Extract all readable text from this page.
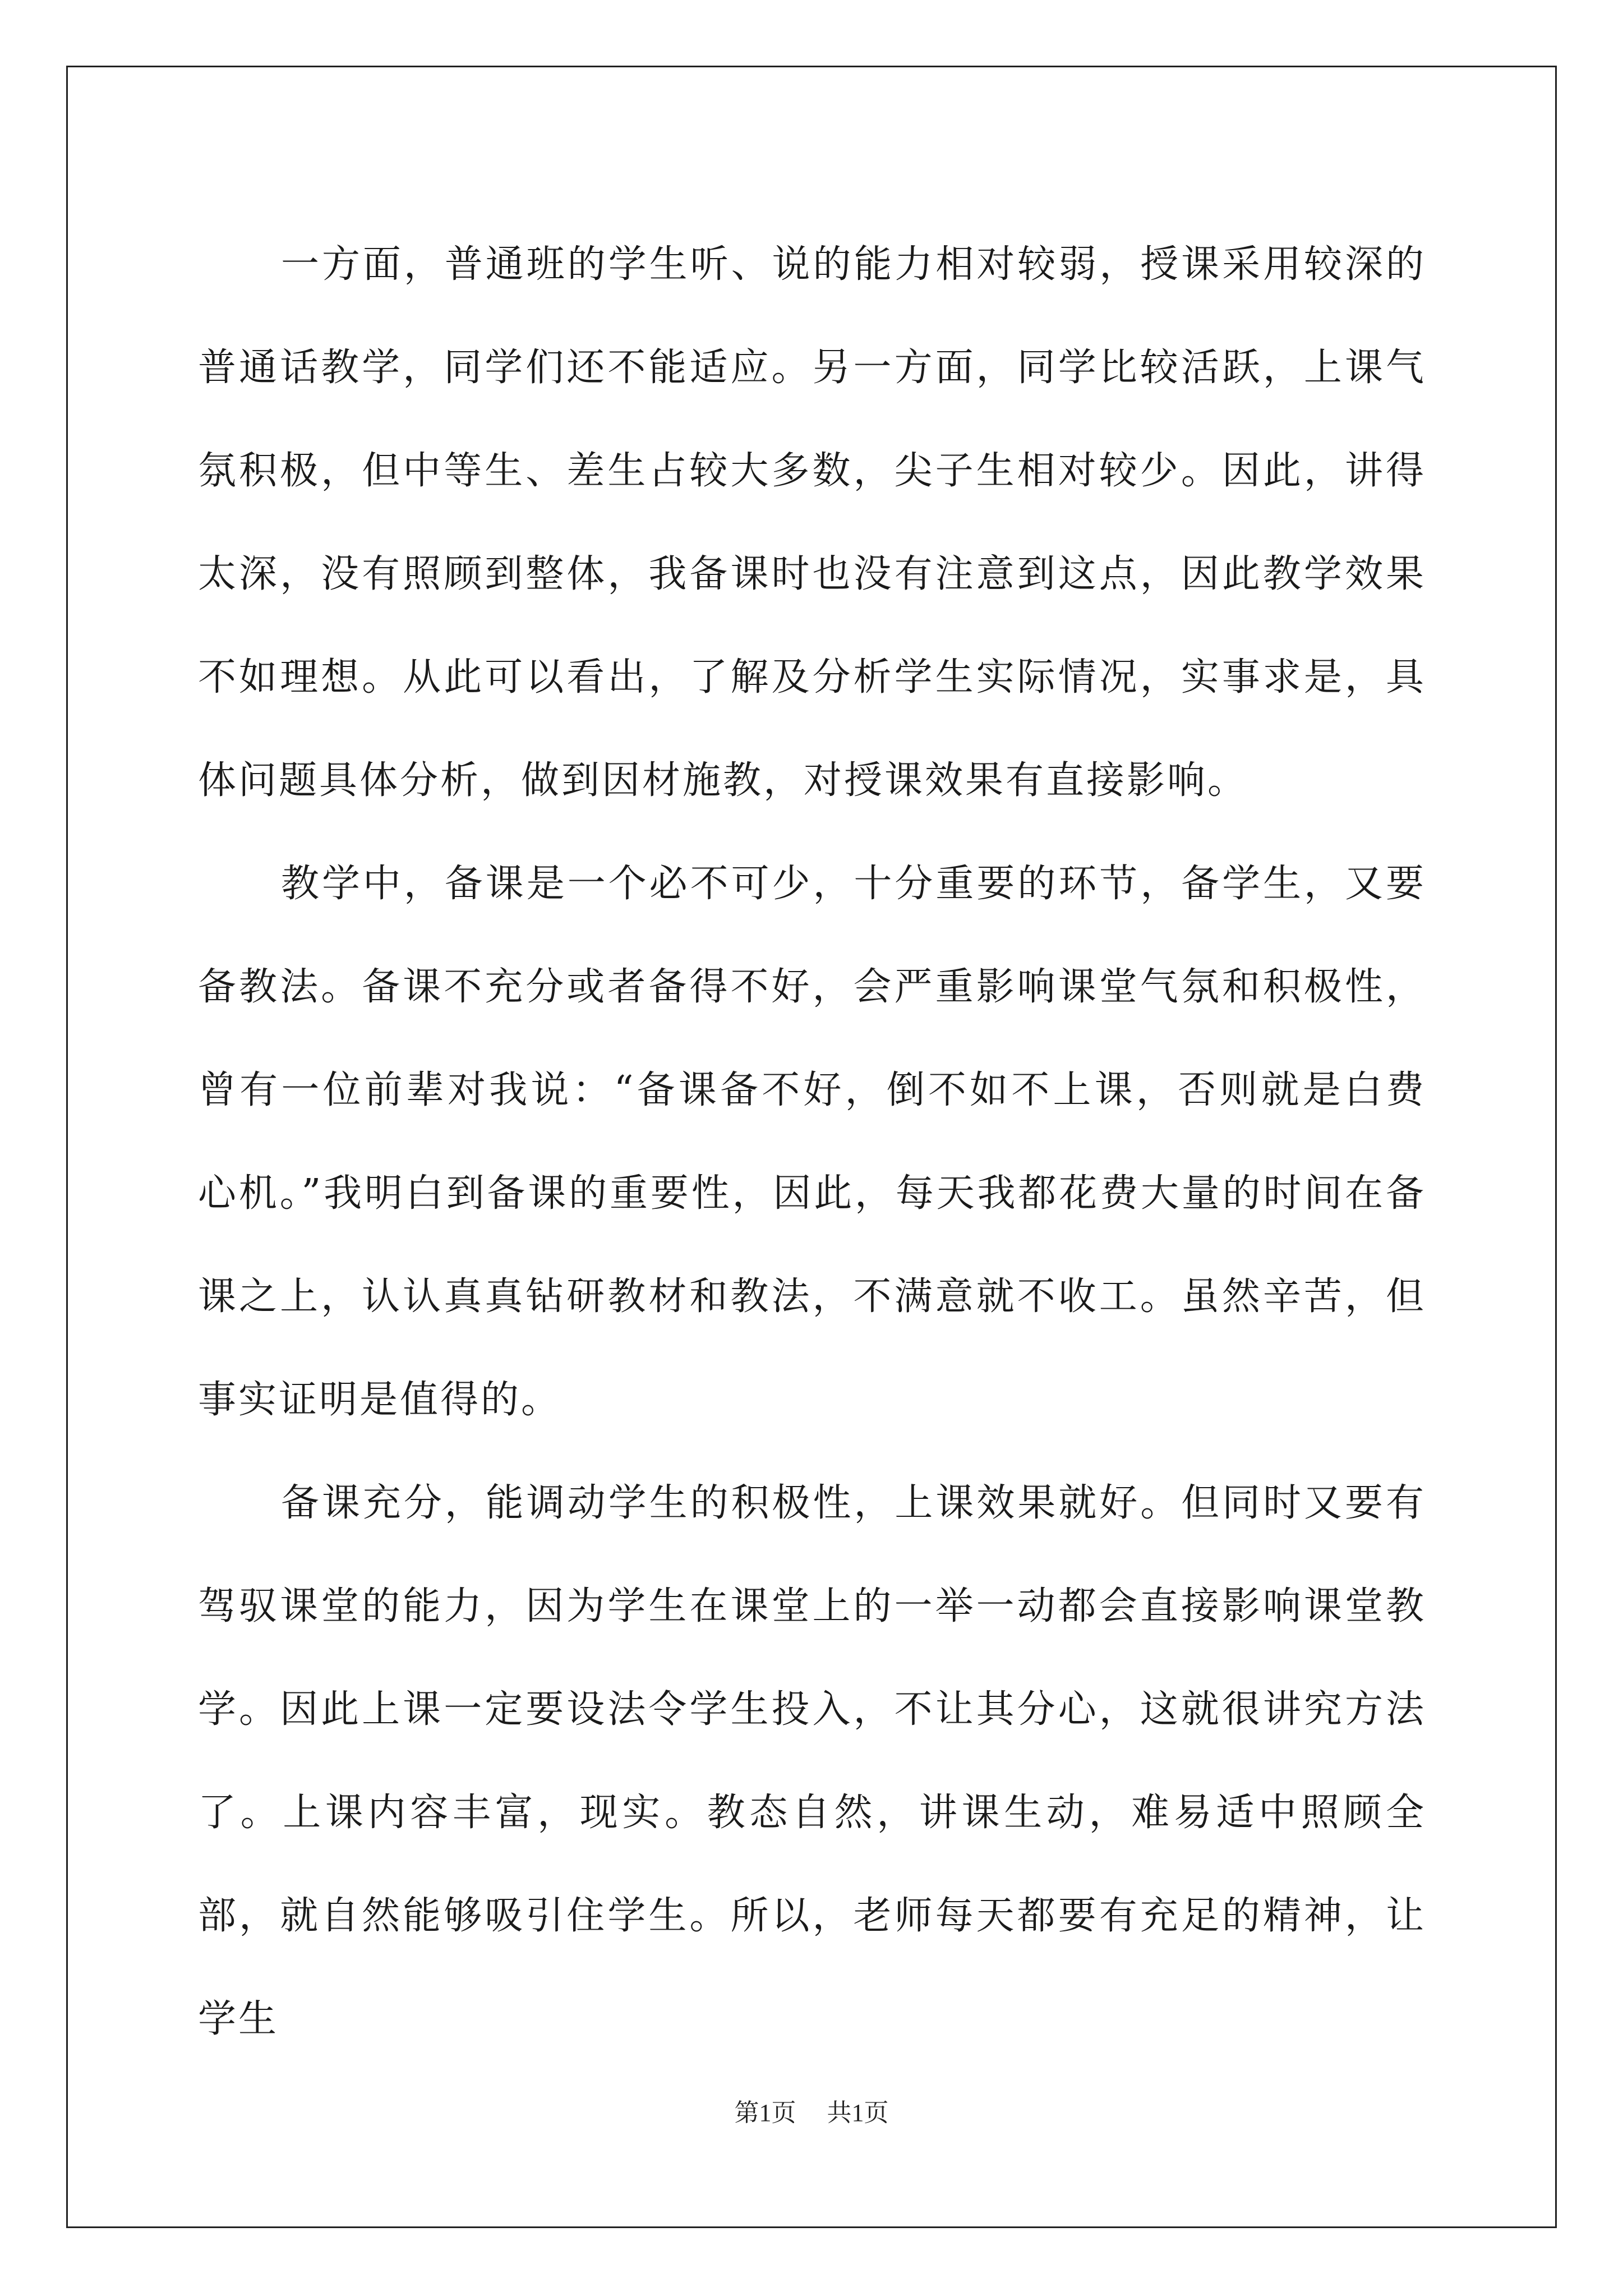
一方面，普通班的学生听、说的能力相对较弱，授课采用较深的普通话教学，同学们还不能适应。另一方面，同学比较活跃，上课气氛积极，但中等生、差生占较大多数，尖子生相对较少。因此，讲得太深，没有照顾到整体，我备课时也没有注意到这点，因此教学效果不如理想。从此可以看出，了解及分析学生实际情况，实事求是，具体问题具体分析，做到因材施教，对授课效果有直接影响。

教学中，备课是一个必不可少，十分重要的环节，备学生，又要备教法。备课不充分或者备得不好，会严重影响课堂气氛和积极性，曾有一位前辈对我说：“备课备不好，倒不如不上课，否则就是白费心机。”我明白到备课的重要性，因此，每天我都花费大量的时间在备课之上，认认真真钻研教材和教法，不满意就不收工。虽然辛苦，但事实证明是值得的。

备课充分，能调动学生的积极性，上课效果就好。但同时又要有驾驭课堂的能力，因为学生在课堂上的一举一动都会直接影响课堂教学。因此上课一定要设法令学生投入，不让其分心，这就很讲究方法了。上课内容丰富，现实。教态自然，讲课生动，难易适中照顾全部，就自然能够吸引住学生。所以，老师每天都要有充足的精神，让学生

第1页 共1页
